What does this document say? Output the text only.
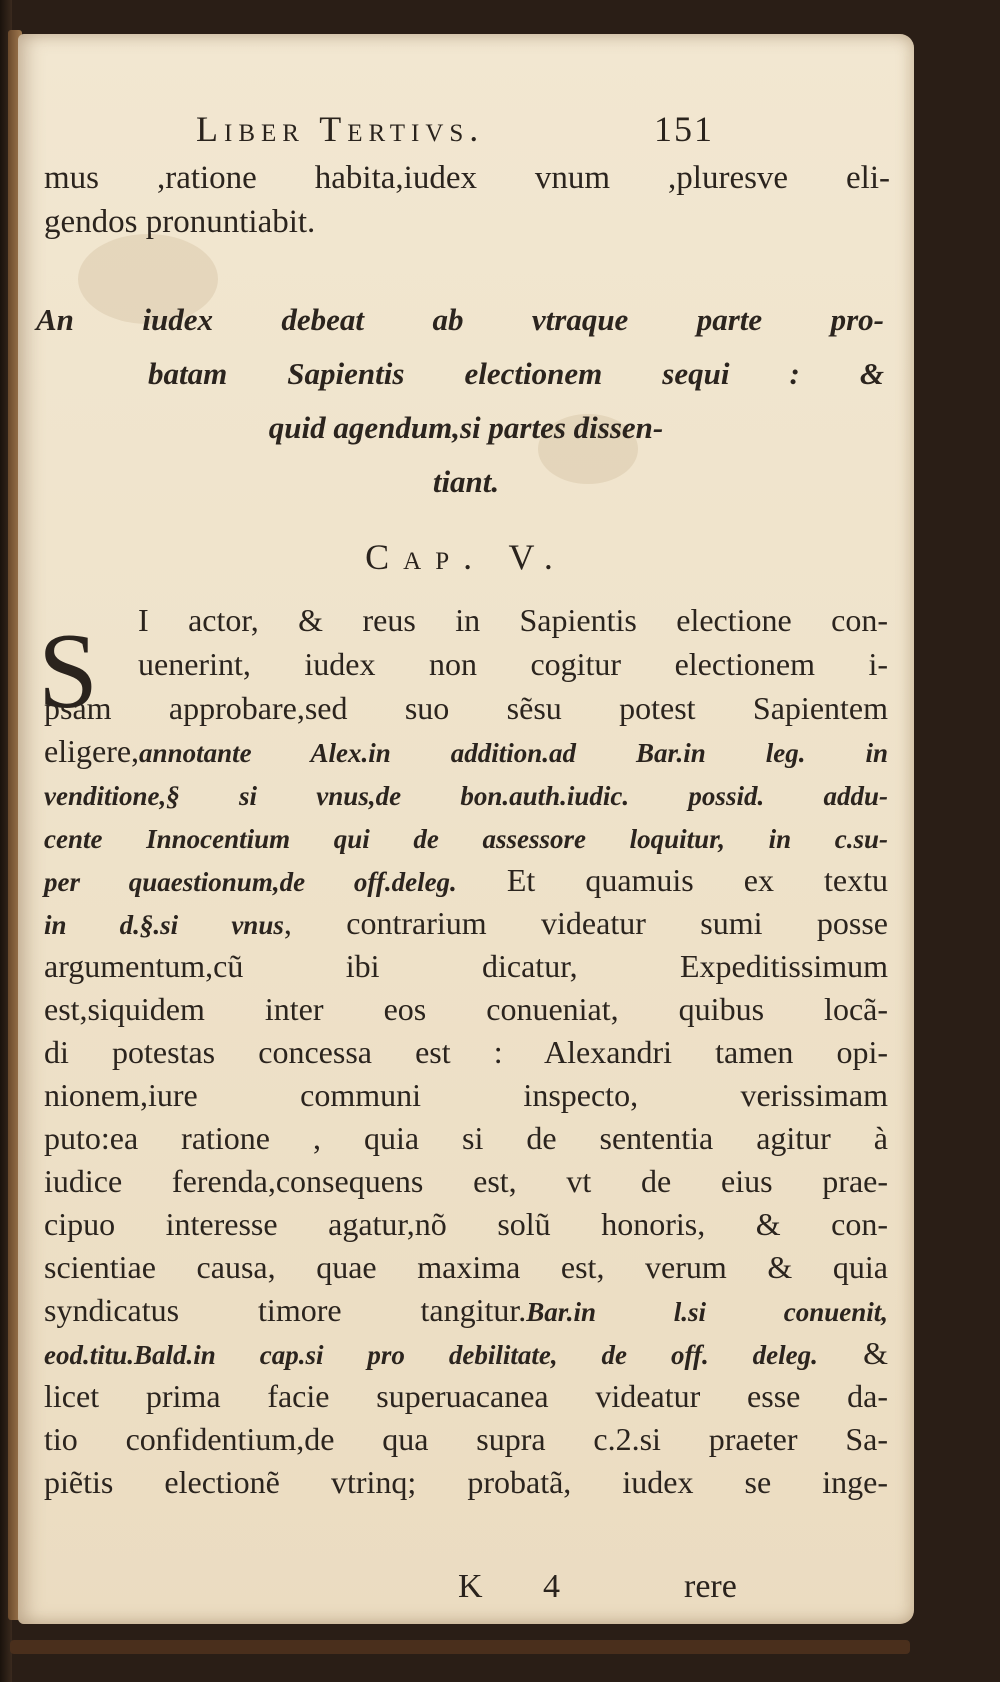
Liber Tertivs.	151
mus ,ratione habita,iudex vnum ,pluresve eli-
gendos pronuntiabit.
An iudex debeat ab vtraque parte pro-
batam Sapientis electionem sequi : &
quid agendum,si partes dissen-
tiant.
Cap. V.
S I actor, & reus in Sapientis electione con-
uenerint, iudex non cogitur electionem i-
psam approbare,sed suo sẽsu potest Sapientem
eligere,annotante Alex.in addition.ad Bar.in leg. in
venditione,§ si vnus,de bon.auth.iudic. possid. addu-
cente Innocentium qui de assessore loquitur, in c.su-
per quaestionum,de off.deleg. Et quamuis ex textu
in d.§.si vnus, contrarium videatur sumi posse
argumentum,cũ ibi dicatur, Expeditissimum
est,siquidem inter eos conueniat, quibus locã-
di potestas concessa est : Alexandri tamen opi-
nionem,iure communi inspecto, verissimam
puto:ea ratione , quia si de sententia agitur à
iudice ferenda,consequens est, vt de eius prae-
cipuo interesse agatur,nõ solũ honoris, & con-
scientiae causa, quae maxima est, verum & quia
syndicatus timore tangitur.Bar.in l.si conuenit,
eod.titu.Bald.in cap.si pro debilitate, de off. deleg. &
licet prima facie superuacanea videatur esse da-
tio confidentium,de qua supra c.2.si praeter Sa-
piẽtis electionẽ vtrinq; probatã, iudex se inge-
K 4	rere
